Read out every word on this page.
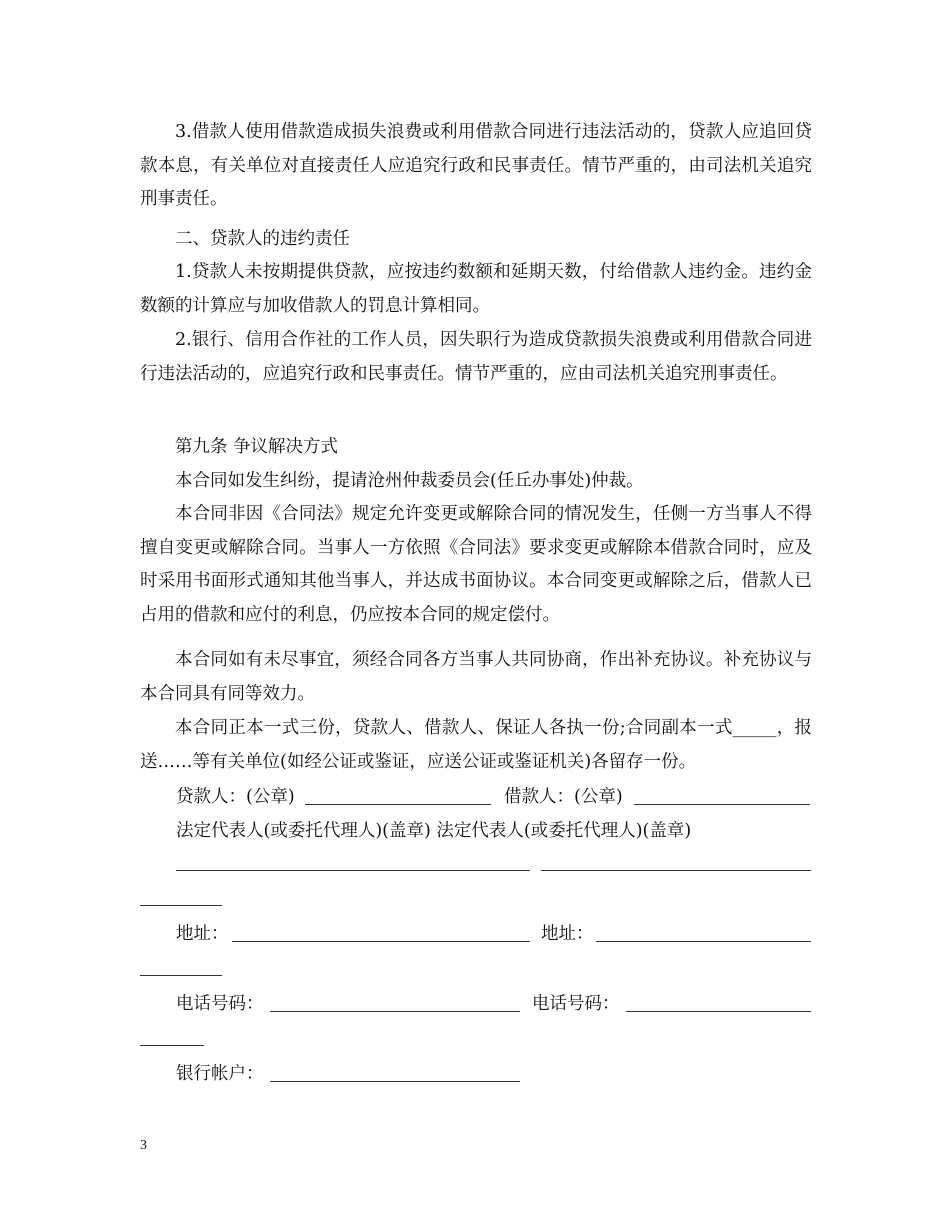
3.借款人使用借款造成损失浪费或利用借款合同进行违法活动的，贷款人应追回贷款本息，有关单位对直接责任人应追究行政和民事责任。情节严重的，由司法机关追究刑事责任。

二、贷款人的违约责任

1.贷款人未按期提供贷款，应按违约数额和延期天数，付给借款人违约金。违约金数额的计算应与加收借款人的罚息计算相同。

2.银行、信用合作社的工作人员，因失职行为造成贷款损失浪费或利用借款合同进行违法活动的，应追究行政和民事责任。情节严重的，应由司法机关追究刑事责任。

第九条 争议解决方式

本合同如发生纠纷，提请沧州仲裁委员会(任丘办事处)仲裁。

本合同非因《合同法》规定允许变更或解除合同的情况发生，任侧一方当事人不得擅自变更或解除合同。当事人一方依照《合同法》要求变更或解除本借款合同时，应及时采用书面形式通知其他当事人，并达成书面协议。本合同变更或解除之后，借款人已占用的借款和应付的利息，仍应按本合同的规定偿付。

本合同如有未尽事宜，须经合同各方当事人共同协商，作出补充协议。补充协议与本合同具有同等效力。

本合同正本一式三份，贷款人、借款人、保证人各执一份;合同副本一式_____，报送……等有关单位(如经公证或鉴证，应送公证或鉴证机关)各留存一份。

贷款人：(公章)	借款人：(公章)
法定代表人(或委托代理人)(盖章) 法定代表人(或委托代理人)(盖章)
地址：	地址：
电话号码：	电话号码：
银行帐户：
3
